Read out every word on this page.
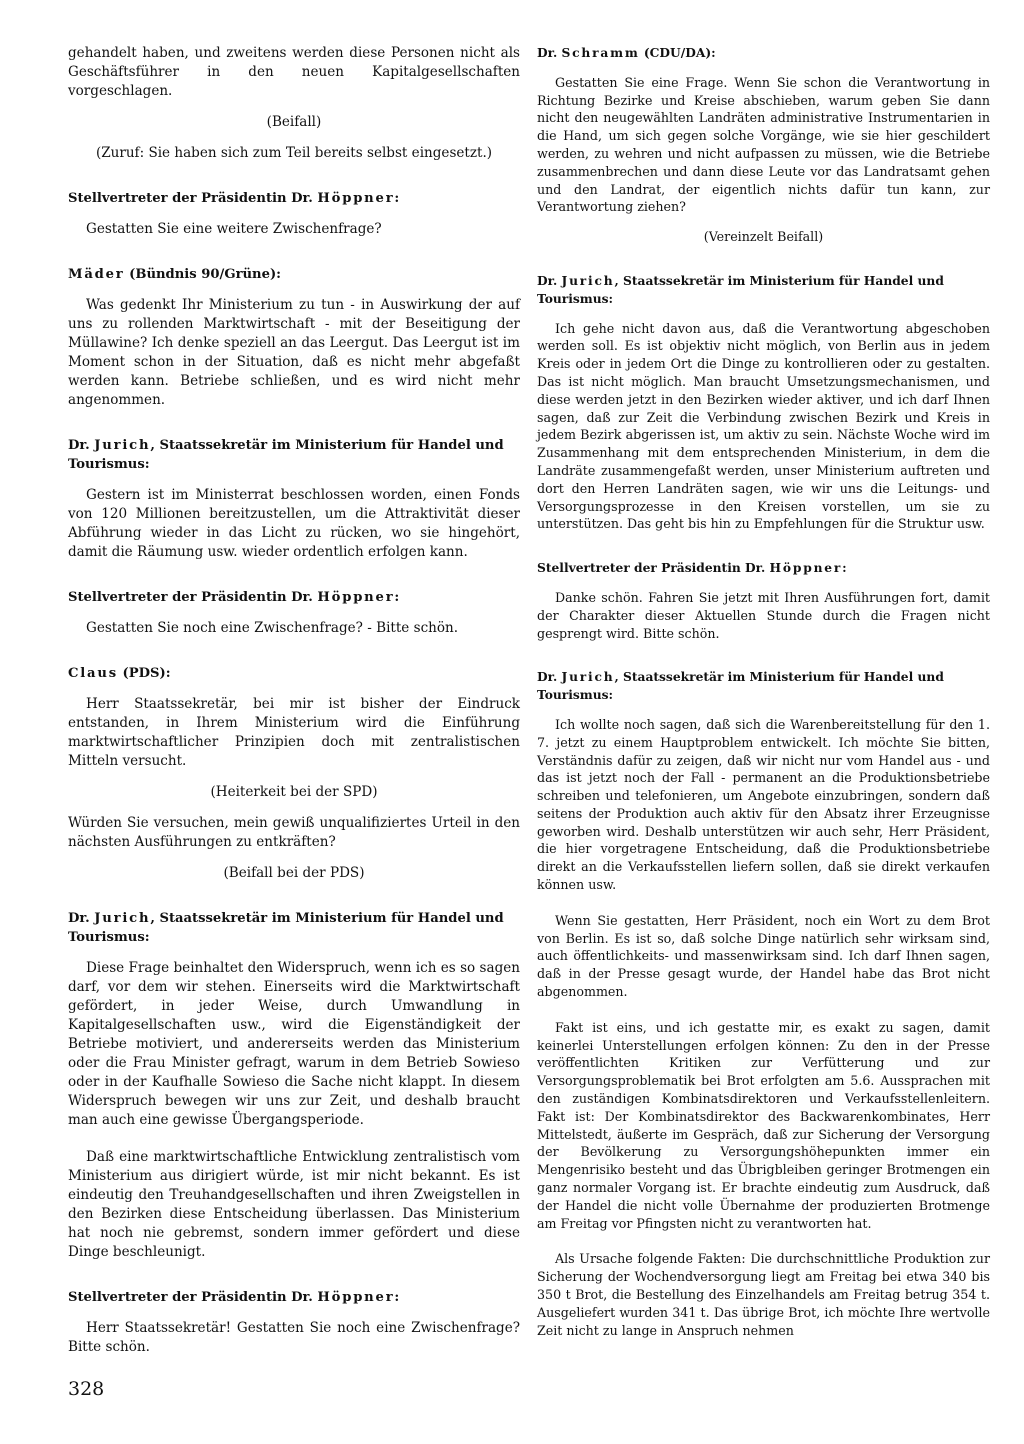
gehandelt haben, und zweitens werden diese Personen nicht als Geschäftsführer in den neuen Kapitalgesellschaften vorgeschlagen.

(Beifall)

(Zuruf: Sie haben sich zum Teil bereits selbst eingesetzt.)

Stellvertreter der Präsidentin Dr. Höppner:

Gestatten Sie eine weitere Zwischenfrage?

Mäder (Bündnis 90/Grüne):

Was gedenkt Ihr Ministerium zu tun - in Auswirkung der auf uns zu rollenden Marktwirtschaft - mit der Beseitigung der Müllawine? Ich denke speziell an das Leergut. Das Leergut ist im Moment schon in der Situation, daß es nicht mehr abgefaßt werden kann. Betriebe schließen, und es wird nicht mehr angenommen.

Dr. Jurich, Staatssekretär im Ministerium für Handel und Tourismus:

Gestern ist im Ministerrat beschlossen worden, einen Fonds von 120 Millionen bereitzustellen, um die Attraktivität dieser Abführung wieder in das Licht zu rücken, wo sie hingehört, damit die Räumung usw. wieder ordentlich erfolgen kann.

Stellvertreter der Präsidentin Dr. Höppner:

Gestatten Sie noch eine Zwischenfrage? - Bitte schön.

Claus (PDS):

Herr Staatssekretär, bei mir ist bisher der Eindruck entstanden, in Ihrem Ministerium wird die Einführung marktwirtschaftlicher Prinzipien doch mit zentralistischen Mitteln versucht.

(Heiterkeit bei der SPD)

Würden Sie versuchen, mein gewiß unqualifiziertes Urteil in den nächsten Ausführungen zu entkräften?

(Beifall bei der PDS)

Dr. Jurich, Staatssekretär im Ministerium für Handel und Tourismus:

Diese Frage beinhaltet den Widerspruch, wenn ich es so sagen darf, vor dem wir stehen. Einerseits wird die Marktwirtschaft gefördert, in jeder Weise, durch Umwandlung in Kapitalgesellschaften usw., wird die Eigenständigkeit der Betriebe motiviert, und andererseits werden das Ministerium oder die Frau Minister gefragt, warum in dem Betrieb Sowieso oder in der Kaufhalle Sowieso die Sache nicht klappt. In diesem Widerspruch bewegen wir uns zur Zeit, und deshalb braucht man auch eine gewisse Übergangsperiode.

Daß eine marktwirtschaftliche Entwicklung zentralistisch vom Ministerium aus dirigiert würde, ist mir nicht bekannt. Es ist eindeutig den Treuhandgesellschaften und ihren Zweigstellen in den Bezirken diese Entscheidung überlassen. Das Ministerium hat noch nie gebremst, sondern immer gefördert und diese Dinge beschleunigt.

Stellvertreter der Präsidentin Dr. Höppner:

Herr Staatssekretär! Gestatten Sie noch eine Zwischenfrage? Bitte schön.

Dr. Schramm (CDU/DA):

Gestatten Sie eine Frage. Wenn Sie schon die Verantwortung in Richtung Bezirke und Kreise abschieben, warum geben Sie dann nicht den neugewählten Landräten administrative Instrumentarien in die Hand, um sich gegen solche Vorgänge, wie sie hier geschildert werden, zu wehren und nicht aufpassen zu müssen, wie die Betriebe zusammenbrechen und dann diese Leute vor das Landratsamt gehen und den Landrat, der eigentlich nichts dafür tun kann, zur Verantwortung ziehen?

(Vereinzelt Beifall)

Dr. Jurich, Staatssekretär im Ministerium für Handel und Tourismus:

Ich gehe nicht davon aus, daß die Verantwortung abgeschoben werden soll. Es ist objektiv nicht möglich, von Berlin aus in jedem Kreis oder in jedem Ort die Dinge zu kontrollieren oder zu gestalten. Das ist nicht möglich. Man braucht Umsetzungsmechanismen, und diese werden jetzt in den Bezirken wieder aktiver, und ich darf Ihnen sagen, daß zur Zeit die Verbindung zwischen Bezirk und Kreis in jedem Bezirk abgerissen ist, um aktiv zu sein. Nächste Woche wird im Zusammenhang mit dem entsprechenden Ministerium, in dem die Landräte zusammengefaßt werden, unser Ministerium auftreten und dort den Herren Landräten sagen, wie wir uns die Leitungs- und Versorgungsprozesse in den Kreisen vorstellen, um sie zu unterstützen. Das geht bis hin zu Empfehlungen für die Struktur usw.

Stellvertreter der Präsidentin Dr. Höppner:

Danke schön. Fahren Sie jetzt mit Ihren Ausführungen fort, damit der Charakter dieser Aktuellen Stunde durch die Fragen nicht gesprengt wird. Bitte schön.

Dr. Jurich, Staatssekretär im Ministerium für Handel und Tourismus:

Ich wollte noch sagen, daß sich die Warenbereitstellung für den 1. 7. jetzt zu einem Hauptproblem entwickelt. Ich möchte Sie bitten, Verständnis dafür zu zeigen, daß wir nicht nur vom Handel aus - und das ist jetzt noch der Fall - permanent an die Produktionsbetriebe schreiben und telefonieren, um Angebote einzubringen, sondern daß seitens der Produktion auch aktiv für den Absatz ihrer Erzeugnisse geworben wird. Deshalb unterstützen wir auch sehr, Herr Präsident, die hier vorgetragene Entscheidung, daß die Produktionsbetriebe direkt an die Verkaufsstellen liefern sollen, daß sie direkt verkaufen können usw.

Wenn Sie gestatten, Herr Präsident, noch ein Wort zu dem Brot von Berlin. Es ist so, daß solche Dinge natürlich sehr wirksam sind, auch öffentlichkeits- und massenwirksam sind. Ich darf Ihnen sagen, daß in der Presse gesagt wurde, der Handel habe das Brot nicht abgenommen.

Fakt ist eins, und ich gestatte mir, es exakt zu sagen, damit keinerlei Unterstellungen erfolgen können: Zu den in der Presse veröffentlichten Kritiken zur Verfütterung und zur Versorgungsproblematik bei Brot erfolgten am 5.6. Aussprachen mit den zuständigen Kombinatsdirektoren und Verkaufsstellenleitern. Fakt ist: Der Kombinatsdirektor des Backwarenkombinates, Herr Mittelstedt, äußerte im Gespräch, daß zur Sicherung der Versorgung der Bevölkerung zu Versorgungshöhepunkten immer ein Mengenrisiko besteht und das Übrigbleiben geringer Brotmengen ein ganz normaler Vorgang ist. Er brachte eindeutig zum Ausdruck, daß der Handel die nicht volle Übernahme der produzierten Brotmenge am Freitag vor Pfingsten nicht zu verantworten hat.

Als Ursache folgende Fakten: Die durchschnittliche Produktion zur Sicherung der Wochendversorgung liegt am Freitag bei etwa 340 bis 350 t Brot, die Bestellung des Einzelhandels am Freitag betrug 354 t. Ausgeliefert wurden 341 t. Das übrige Brot, ich möchte Ihre wertvolle Zeit nicht zu lange in Anspruch nehmen

328
